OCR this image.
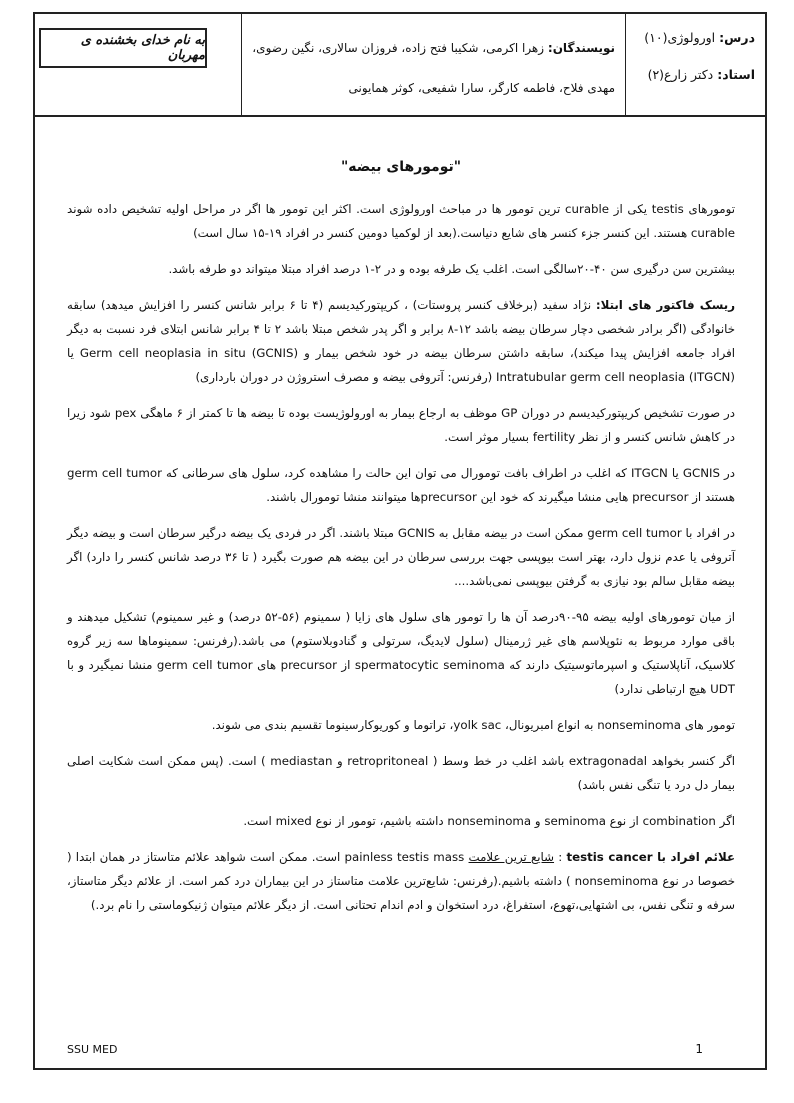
درس: اورولوژی(۱۰)
استاد: دکتر زارع(۲)
نویسندگان: زهرا اکرمی، شکیبا فتح زاده، فروزان سالاری، نگین رضوی،
مهدی فلاح، فاطمه کارگر، سارا شفیعی، کوثر همایونی
به نام خدای بخشنده ی مهربان
"تومورهای بیضه"

تومورهای testis یکی از curable ترین تومور ها در مباحث اورولوژی است. اکثر این تومور ها اگر در مراحل اولیه تشخیص داده شوند curable هستند. این کنسر جزء کنسر های شایع دنیاست.(بعد از لوکمیا دومین کنسر در افراد ۱۹-۱۵ سال است)

بیشترین سن درگیری سن ۴۰-۲۰سالگی است. اغلب یک طرفه بوده و در ۲-۱ درصد افراد مبتلا میتواند دو طرفه باشد.

ریسک فاکتور های ابتلا: نژاد سفید (برخلاف کنسر پروستات) ، کریپتورکیدیسم (۴ تا ۶ برابر شانس کنسر را افزایش میدهد) سابقه خانوادگی (اگر برادر شخصی دچار سرطان بیضه باشد ۱۲-۸ برابر و اگر پدر شخص مبتلا باشد ۲ تا ۴ برابر شانس ابتلای فرد نسبت به دیگر افراد جامعه افزایش پیدا میکند)، سابقه داشتن سرطان بیضه در خود شخص بیمار و Germ cell neoplasia in situ (GCNIS) یا Intratubular germ cell neoplasia (ITGCN) (رفرنس: آتروفی بیضه و مصرف استروژن در دوران بارداری)

در صورت تشخیص کریپتورکیدیسم در دوران GP موظف به ارجاع بیمار به اورولوژیست بوده تا بیضه ها تا کمتر از ۶ ماهگی pex شود زیرا در کاهش شانس کنسر و از نظر fertility بسیار موثر است.

در GCNIS یا ITGCN که اغلب در اطراف بافت تومورال می توان این حالت را مشاهده کرد، سلول های سرطانی که germ cell tumor هستند از precursor هایی منشا میگیرند که خود این precursorها میتوانند منشا تومورال باشند.

در افراد با germ cell tumor ممکن است در بیضه مقابل به GCNIS مبتلا باشند. اگر در فردی یک بیضه درگیر سرطان است و بیضه دیگر آتروفی یا عدم نزول دارد، بهتر است بیوپسی جهت بررسی سرطان در این بیضه هم صورت بگیرد ( تا ۳۶ درصد شانس کنسر را دارد) اگر بیضه مقابل سالم بود نیازی به گرفتن بیوپسی نمی‌باشد....

از میان تومورهای اولیه بیضه ۹۵-۹۰درصد آن ها را تومور های سلول های زایا ( سمینوم (۵۶-۵۲ درصد) و غیر سمینوم) تشکیل میدهند و باقی موارد مربوط به نئوپلاسم های غیر ژرمینال (سلول لایدیگ، سرتولی و گنادوبلاستوم) می باشد.(رفرنس: سمینوماها سه زیر گروه کلاسیک، آناپلاستیک و اسپرماتوسیتیک دارند که spermatocytic seminoma از precursor های germ cell tumor منشا نمیگیرد و با UDT هیچ ارتباطی ندارد)

تومور های nonseminoma به انواع امبریونال، yolk sac، تراتوما و کوریوکارسینوما تقسیم بندی می شوند.

اگر کنسر بخواهد extragonadal باشد اغلب در خط وسط ( retropritoneal و mediastan ) است. (پس ممکن است شکایت اصلی بیمار دل درد یا تنگی نفس باشد)

اگر combination از نوع seminoma و nonseminoma داشته باشیم، تومور از نوع mixed است.

علائم افراد با testis cancer : شایع ترین علامت painless testis mass است. ممکن است شواهد علائم متاستاز در همان ابتدا ( خصوصا در نوع nonseminoma ) داشته باشیم.(رفرنس: شایع‌ترین علامت متاستاز در این بیماران درد کمر است. از علائم دیگر متاستاز، سرفه و تنگی نفس، بی اشتهایی،تهوع، استفراغ، درد استخوان و ادم اندام تحتانی است. از دیگر علائم میتوان ژنیکوماستی را نام برد.)

SSU MED	1
